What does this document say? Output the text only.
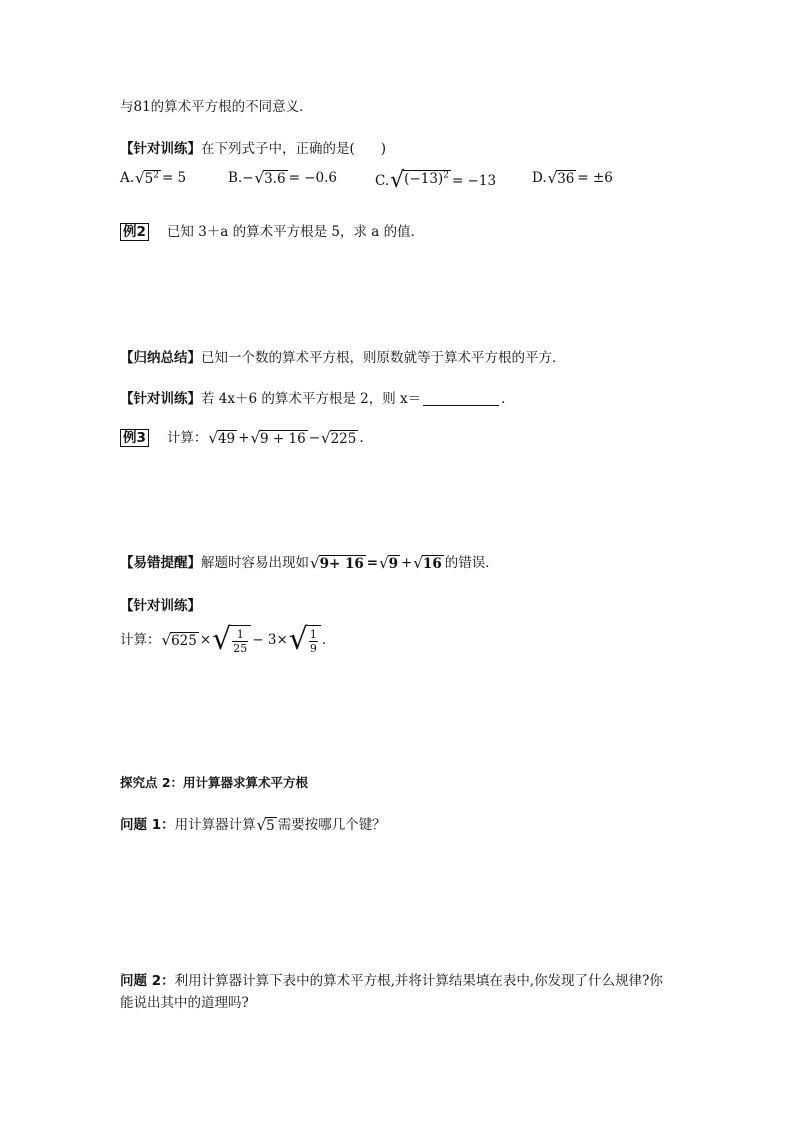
与81的算术平方根的不同意义．
【针对训练】 在下列式子中，正确的是( )
A. √ $5^2 = 5$	B. − √ 3.6 = −0.6	C. √ $(-13)^2 = -13$	D. √ 36 = ±6
例2 已知 3＋a 的算术平方根是 5，求 a 的值．
【归纳总结】 已知一个数的算术平方根，则原数就等于算术平方根的平方．
【针对训练】 若 4x＋6 的算术平方根是 2，则 x＝	.
例3 计算： √ 49 + √ 9 + 16 − √ 225 .
【易错提醒】 解题时容易出现如 √ 9+ 16 = √ 9 + √ 16 的错误．
【针对训练】
计算： √ 625 × √ $\frac{1}{25} - 3\times$ √ $\frac{1}{9}$ .
探究点 2：用计算器求算术平方根
问题 1： 用计算器计算 √ 5 需要按哪几个键？
问题 2： 利用计算器计算下表中的算术平方根,并将计算结果填在表中,你发现了什么规律?你
能说出其中的道理吗?
